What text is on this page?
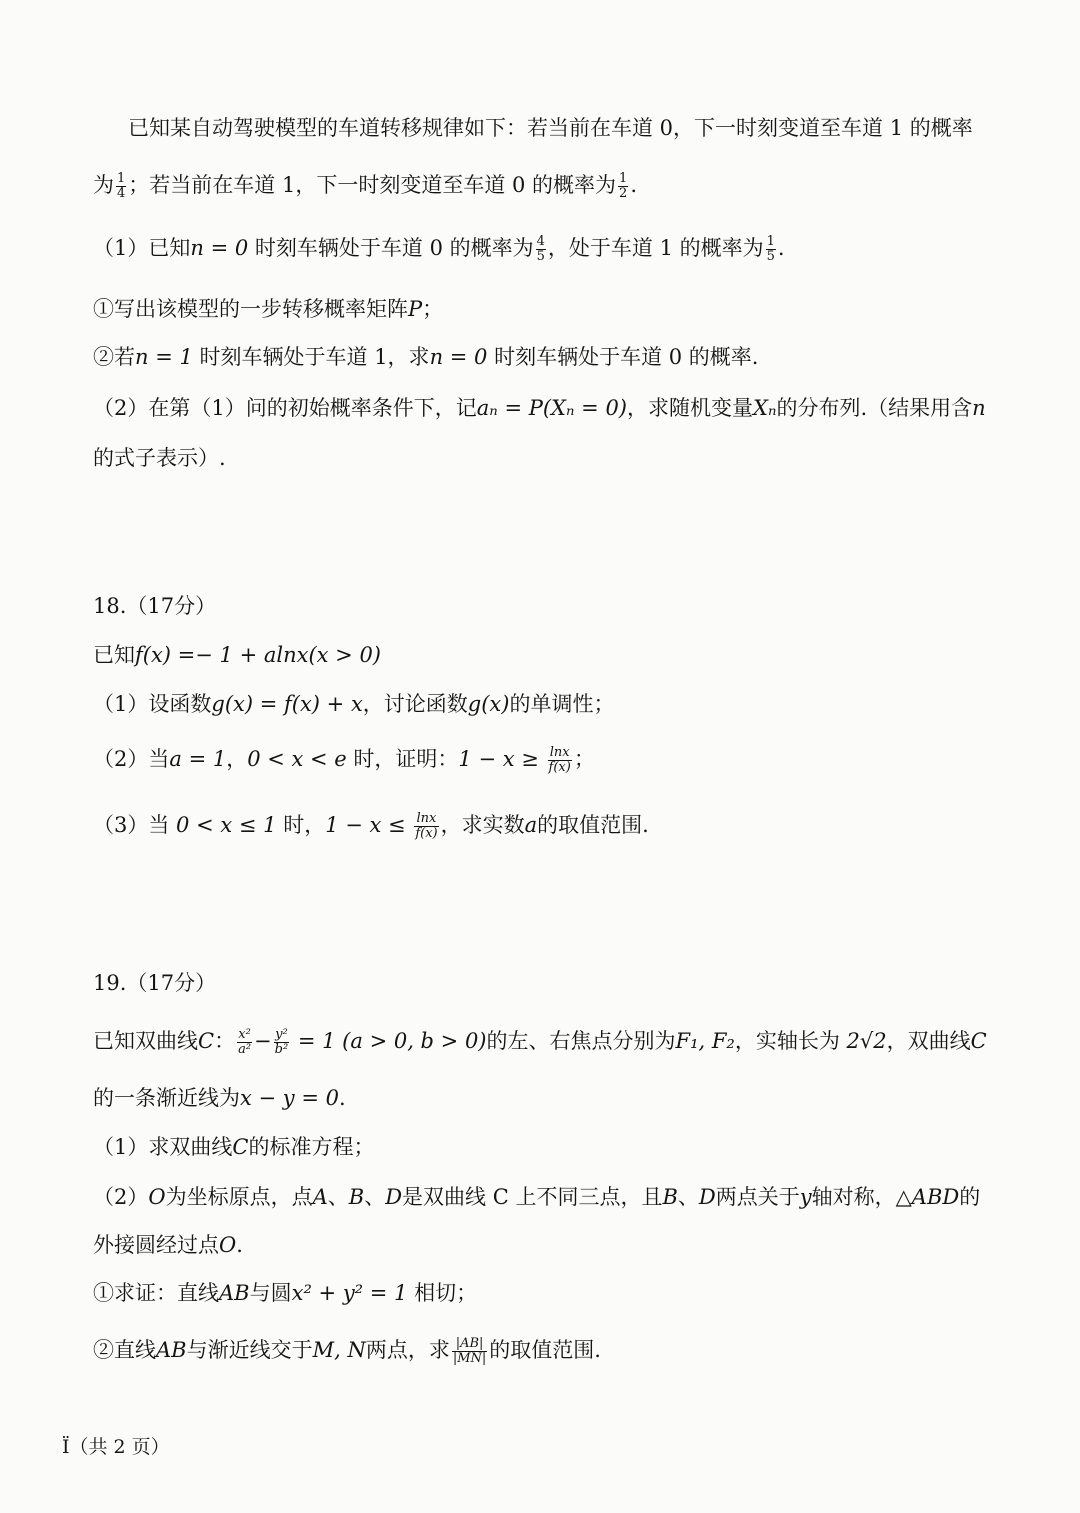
已知某自动驾驶模型的车道转移规律如下：若当前在车道 0，下一时刻变道至车道 1 的概率
为 $\frac{1}{4}$ ；若当前在车道 1，下一时刻变道至车道 0 的概率为 $\frac{1}{2}$ .
（1）已知n = 0 时刻车辆处于车道 0 的概率为 $\frac{4}{5}$ ，处于车道 1 的概率为 $\frac{1}{5}$ .
①写出该模型的一步转移概率矩阵P；
②若n = 1 时刻车辆处于车道 1，求n = 0 时刻车辆处于车道 0 的概率.
（2）在第（1）问的初始概率条件下，记aₙ = P(Xₙ = 0)，求随机变量Xₙ的分布列.（结果用含n
的式子表示）.
18.（17分）
已知f(x) =− 1 + alnx(x > 0)
（1）设函数g(x) = f(x) + x，讨论函数g(x)的单调性；
（2）当a = 1，0 < x < e 时，证明：$1 - x \ge \frac{\ln x}{f(x)}$ ；
（3）当 0 < x ≤ 1 时，$1 - x \le \frac{\ln x}{f(x)}$ ，求实数a的取值范围.
19.（17分）
已知双曲线C： $\frac{\text{x²}}{\text{a²}} - \frac{\text{y²}}{\text{b²}} = 1$ (a > 0, b > 0)的左、右焦点分别为F₁, F₂，实轴长为 2√2，双曲线C
的一条渐近线为x − y = 0.
（1）求双曲线C的标准方程；
（2）O为坐标原点，点A、B、D是双曲线 C 上不同三点，且B、D两点关于y轴对称，△ABD的
外接圆经过点O.
①求证：直线AB与圆x² + y² = 1 相切；
②直线AB与渐近线交于M, N两点，求 $\frac{|AB|}{|MN|}$ 的取值范围.
Ï（共 2 页）
